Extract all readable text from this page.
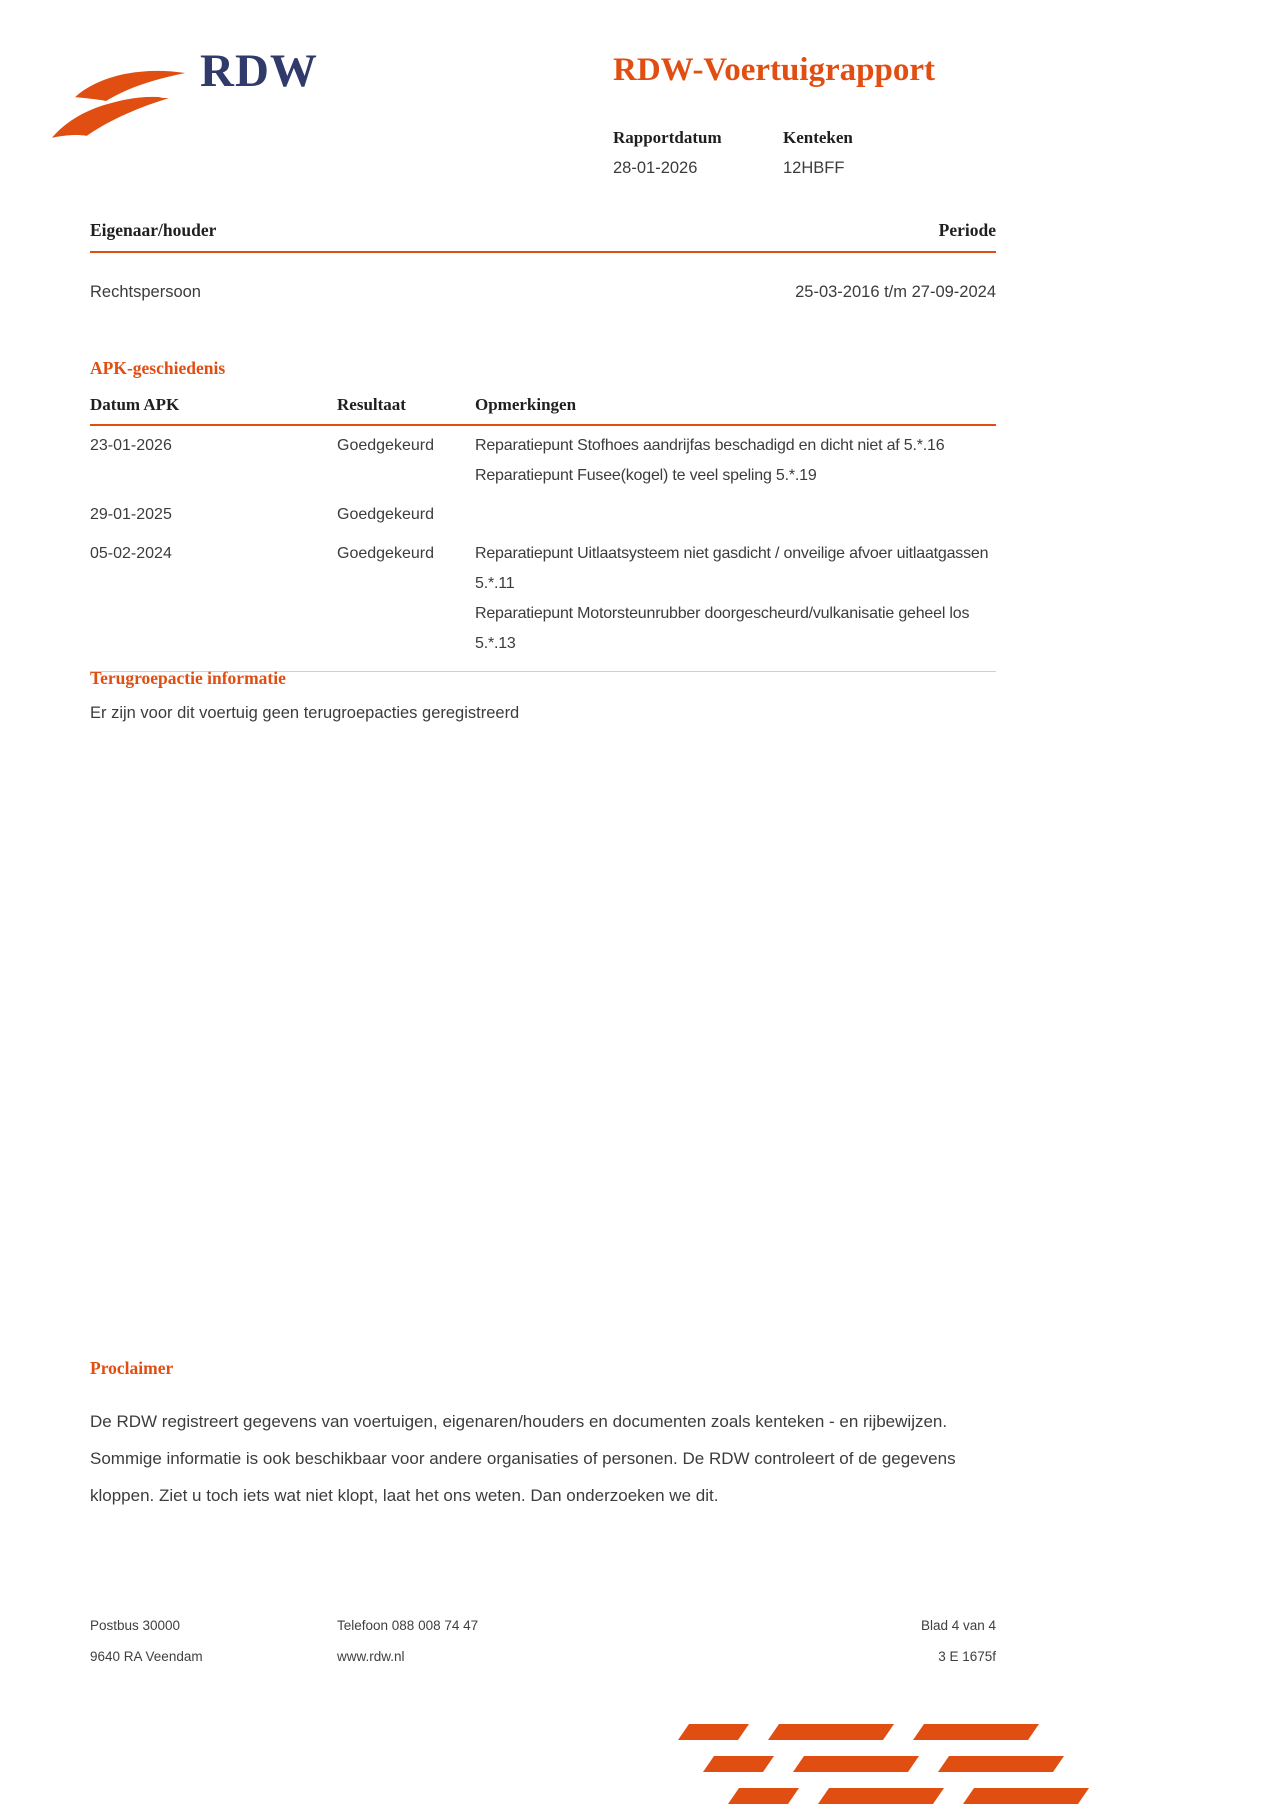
RDW	RDW-Voertuigrapport
Rapportdatum
28-01-2026
Kenteken
12HBFF
Eigenaar/houder	Periode
Rechtspersoon	25-03-2016 t/m 27-09-2024
APK-geschiedenis
Datum APK	Resultaat	Opmerkingen
23-01-2026	Goedgekeurd	Reparatiepunt Stofhoes aandrijfas beschadigd en dicht niet af 5.*.16
Reparatiepunt Fusee(kogel) te veel speling 5.*.19
29-01-2025	Goedgekeurd
05-02-2024	Goedgekeurd	Reparatiepunt Uitlaatsysteem niet gasdicht / onveilige afvoer uitlaatgassen 5.*.11
Reparatiepunt Motorsteunrubber doorgescheurd/vulkanisatie geheel los 5.*.13
Terugroepactie informatie

Er zijn voor dit voertuig geen terugroepacties geregistreerd

Proclaimer

De RDW registreert gegevens van voertuigen, eigenaren/houders en documenten zoals kenteken - en rijbewijzen. Sommige informatie is ook beschikbaar voor andere organisaties of personen. De RDW controleert of de gegevens kloppen. Ziet u toch iets wat niet klopt, laat het ons weten. Dan onderzoeken we dit.

Postbus 30000	Telefoon 088 008 74 47	Blad 4 van 4
9640 RA Veendam	www.rdw.nl	3 E 1675f
